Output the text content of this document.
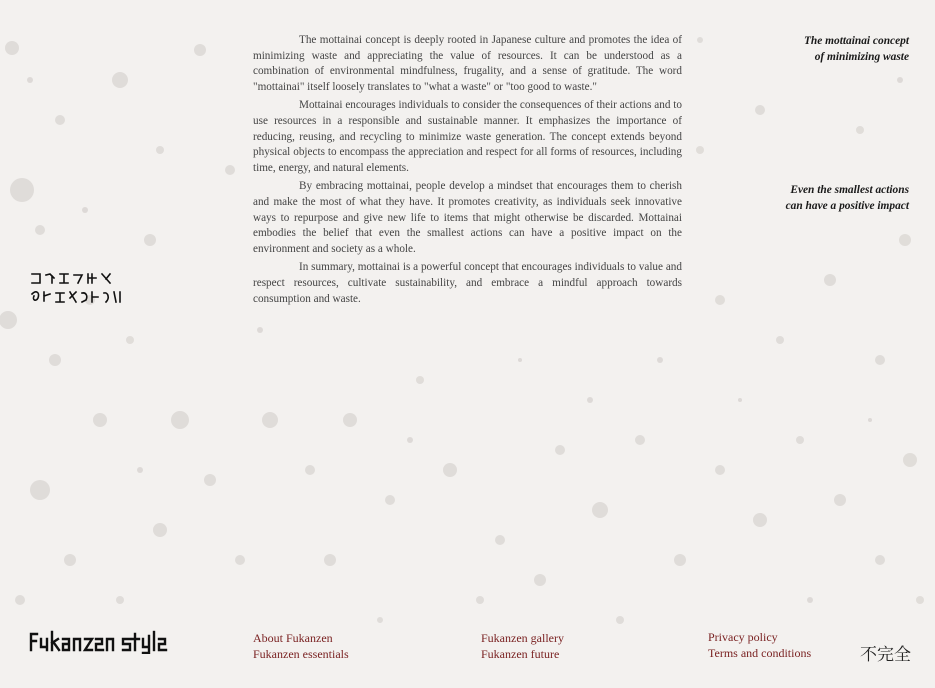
The mottainai concept is deeply rooted in Japanese culture and promotes the idea of minimizing waste and appreciating the value of resources. It can be understood as a combination of environmental mindfulness, frugality, and a sense of gratitude. The word "mottainai" itself loosely translates to "what a waste" or "too good to waste."

Mottainai encourages individuals to consider the consequences of their actions and to use resources in a responsible and sustainable manner. It emphasizes the importance of reducing, reusing, and recycling to minimize waste generation. The concept extends beyond physical objects to encompass the appreciation and respect for all forms of resources, including time, energy, and natural elements.

By embracing mottainai, people develop a mindset that encourages them to cherish and make the most of what they have. It promotes creativity, as individuals seek innovative ways to repurpose and give new life to items that might otherwise be discarded. Mottainai embodies the belief that even the smallest actions can have a positive impact on the environment and society as a whole.

In summary, mottainai is a powerful concept that encourages individuals to value and respect resources, cultivate sustainability, and embrace a mindful approach towards consumption and waste.

The mottainai concept
of minimizing waste
Even the smallest actions
can have a positive impact
About Fukanzen
Fukanzen essentials
Fukanzen gallery
Fukanzen future
Privacy policy
Terms and conditions	不完全
